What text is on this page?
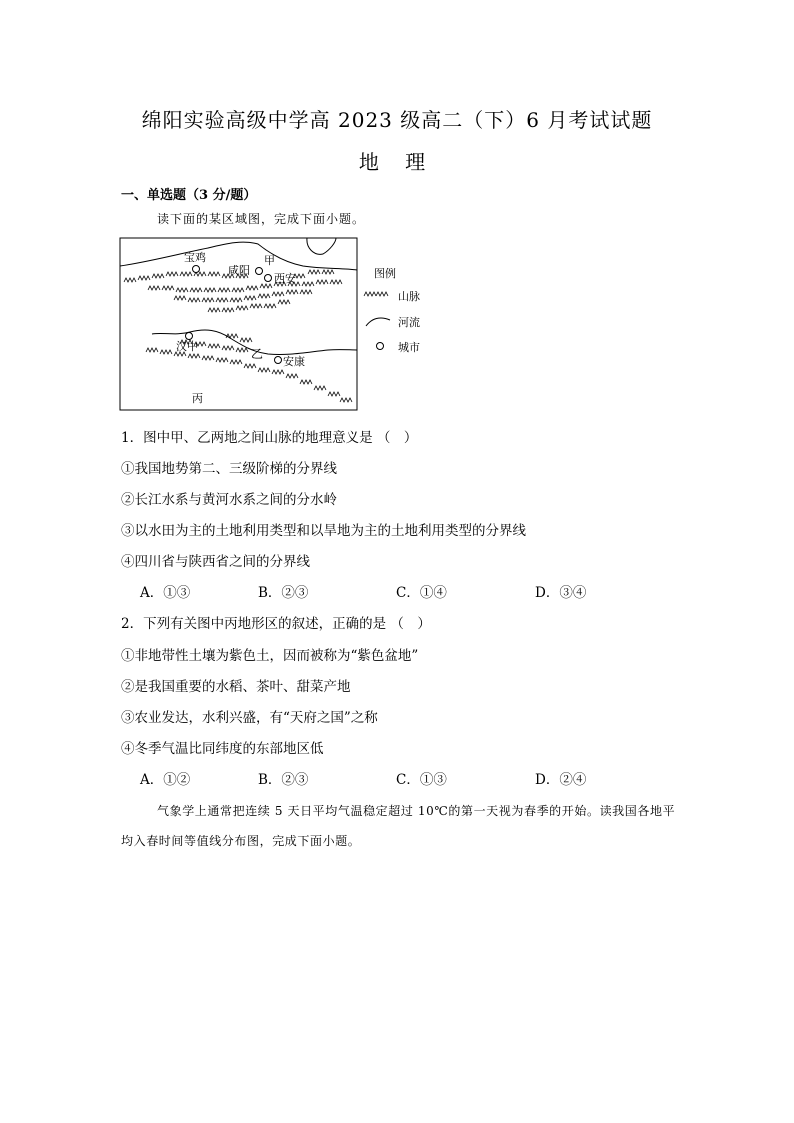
绵阳实验高级中学高 2023 级高二（下）6 月考试试题
地 理
一、单选题（3 分/题）
读下面的某区域图，完成下面小题。
宝鸡	甲
咸阳
西安
汉中
乙
安康
丙
图例
山脉
河流
城市
1．图中甲、乙两地之间山脉的地理意义是 （　）
①我国地势第二、三级阶梯的分界线
②长江水系与黄河水系之间的分水岭
③以水田为主的土地利用类型和以旱地为主的土地利用类型的分界线
④四川省与陕西省之间的分界线
A．①③	B．②③	C．①④	D．③④
2．下列有关图中丙地形区的叙述，正确的是 （　）
①非地带性土壤为紫色土，因而被称为“紫色盆地”
②是我国重要的水稻、茶叶、甜菜产地
③农业发达，水利兴盛，有“天府之国”之称
④冬季气温比同纬度的东部地区低
A．①②	B．②③	C．①③	D．②④
气象学上通常把连续 5 天日平均气温稳定超过 10℃的第一天视为春季的开始。读我国各地平均入春时间等值线分布图，完成下面小题。
